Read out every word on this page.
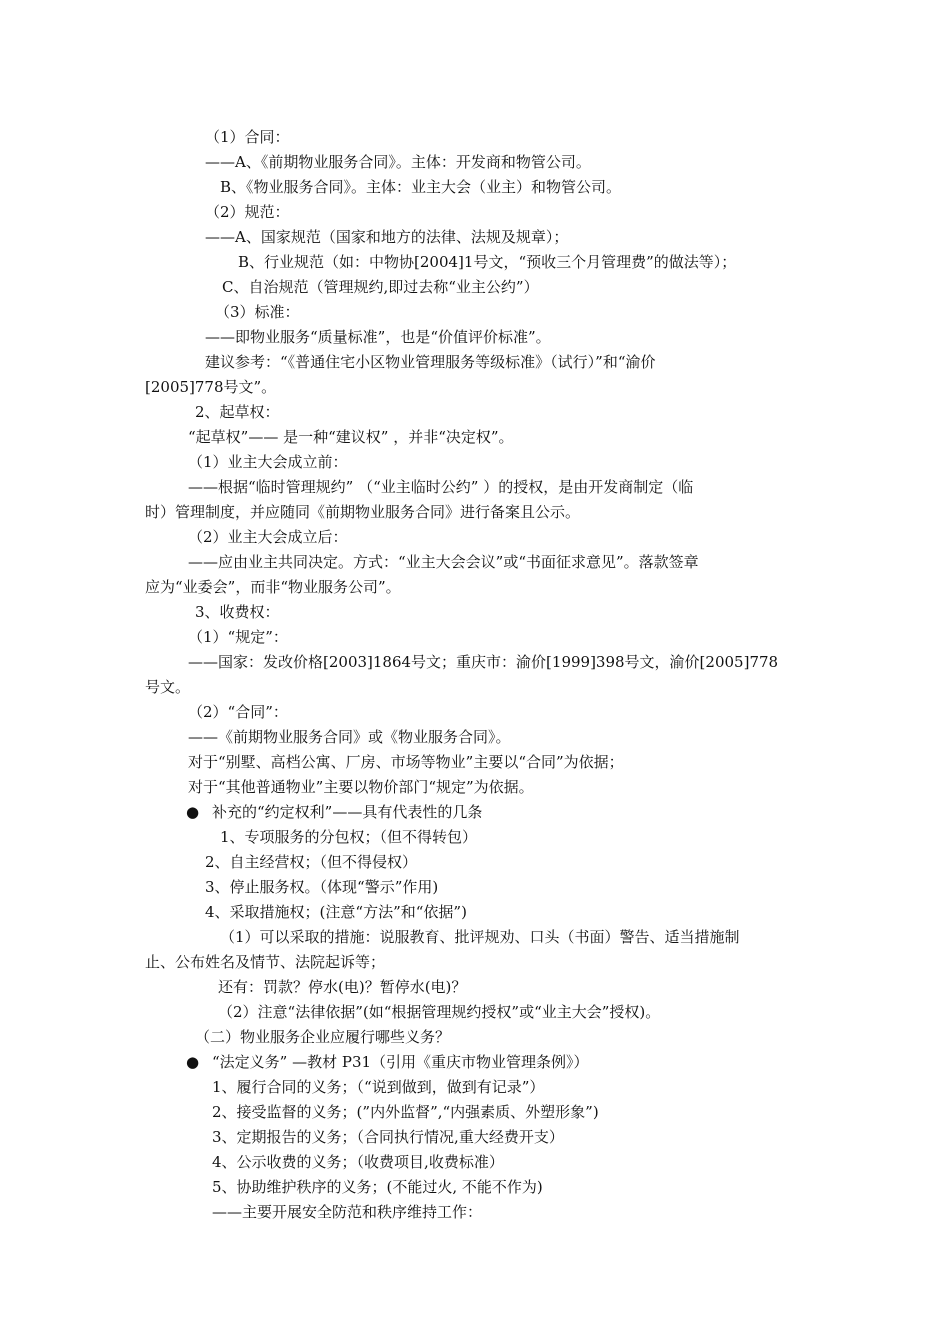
（1）合同：
——A、《前期物业服务合同》。主体：开发商和物管公司。
B、《物业服务合同》。主体：业主大会（业主）和物管公司。
（2）规范：
——A、国家规范（国家和地方的法律、法规及规章）；
B、行业规范（如：中物协[2004]1号文，“预收三个月管理费”的做法等）；
C、自治规范（管理规约,即过去称“业主公约”）
（3）标准：
——即物业服务“质量标准”，也是“价值评价标准”。
建议参考：“《普通住宅小区物业管理服务等级标准》（试行）”和“渝价
[2005]778号文”。
2、起草权：
“起草权”—— 是一种“建议权” ，并非“决定权”。
（1）业主大会成立前：
——根据“临时管理规约” （“业主临时公约” ）的授权，是由开发商制定（临
时）管理制度，并应随同《前期物业服务合同》进行备案且公示。
（2）业主大会成立后：
——应由业主共同决定。方式：“业主大会会议”或“书面征求意见”。落款签章
应为“业委会”，而非“物业服务公司”。
3、收费权：
（1）“规定”：
——国家：发改价格[2003]1864号文；重庆市：渝价[1999]398号文，渝价[2005]778
号文。
（2）“合同”：
——《前期物业服务合同》或《物业服务合同》。
对于“别墅、高档公寓、厂房、市场等物业”主要以“合同”为依据；
对于“其他普通物业”主要以物价部门“规定”为依据。
● 补充的“约定权利”——具有代表性的几条
1、专项服务的分包权；（但不得转包）
2、自主经营权；（但不得侵权）
3、停止服务权。（体现“警示”作用)
4、采取措施权；(注意“方法”和“依据”)
（1）可以采取的措施：说服教育、批评规劝、口头（书面）警告、适当措施制
止、公布姓名及情节、法院起诉等；
还有：罚款？停水(电)？暂停水(电)？
（2）注意“法律依据”(如“根据管理规约授权”或“业主大会”授权)。
（二）物业服务企业应履行哪些义务？
● “法定义务” —教材 P31（引用《重庆市物业管理条例》）
1、履行合同的义务；（“说到做到，做到有记录”）
2、接受监督的义务；(”内外监督”,“内强素质、外塑形象”)
3、定期报告的义务；（合同执行情况,重大经费开支）
4、公示收费的义务；（收费项目,收费标准）
5、协助维护秩序的义务；(不能过火, 不能不作为)
——主要开展安全防范和秩序维持工作：
